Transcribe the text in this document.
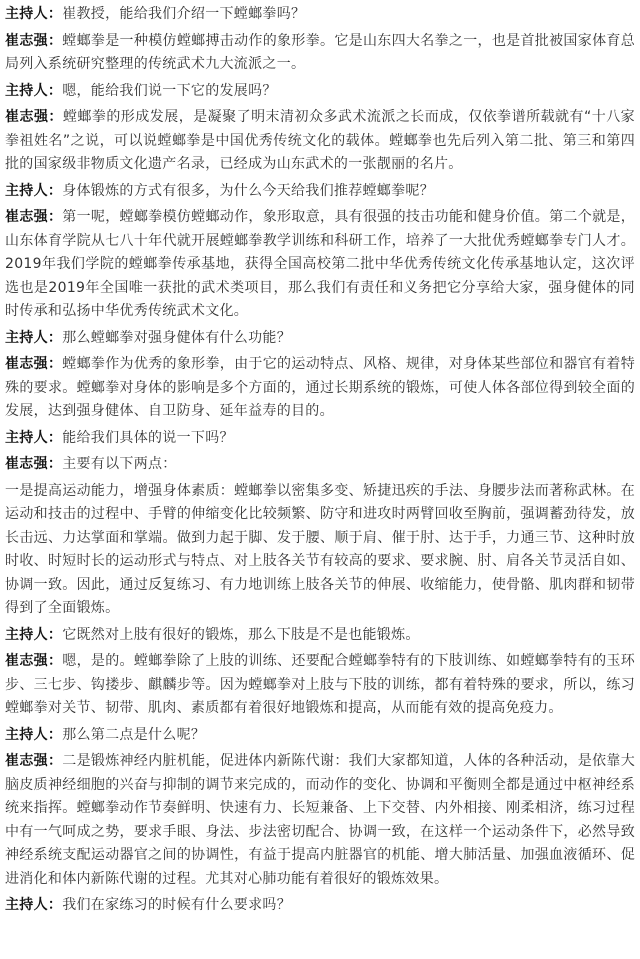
主持人：崔教授，能给我们介绍一下螳螂拳吗？

崔志强：螳螂拳是一种模仿螳螂搏击动作的象形拳。它是山东四大名拳之一，也是首批被国家体育总局列入系统研究整理的传统武术九大流派之一。

主持人：嗯，能给我们说一下它的发展吗？

崔志强：螳螂拳的形成发展，是凝聚了明末清初众多武术流派之长而成，仅依拳谱所载就有“十八家拳祖姓名”之说，可以说螳螂拳是中国优秀传统文化的载体。螳螂拳也先后列入第二批、第三和第四批的国家级非物质文化遗产名录，已经成为山东武术的一张靓丽的名片。

主持人：身体锻炼的方式有很多，为什么今天给我们推荐螳螂拳呢？

崔志强：第一呢，螳螂拳模仿螳螂动作，象形取意，具有很强的技击功能和健身价值。第二个就是，山东体育学院从七八十年代就开展螳螂拳教学训练和科研工作，培养了一大批优秀螳螂拳专门人才。2019年我们学院的螳螂拳传承基地，获得全国高校第二批中华优秀传统文化传承基地认定，这次评选也是2019年全国唯一获批的武术类项目，那么我们有责任和义务把它分享给大家，强身健体的同时传承和弘扬中华优秀传统武术文化。

主持人：那么螳螂拳对强身健体有什么功能？

崔志强：螳螂拳作为优秀的象形拳，由于它的运动特点、风格、规律，对身体某些部位和器官有着特殊的要求。螳螂拳对身体的影响是多个方面的，通过长期系统的锻炼，可使人体各部位得到较全面的发展，达到强身健体、自卫防身、延年益寿的目的。

主持人：能给我们具体的说一下吗？

崔志强：主要有以下两点：

一是提高运动能力，增强身体素质：螳螂拳以密集多变、矫捷迅疾的手法、身腰步法而著称武林。在运动和技击的过程中、手臂的伸缩变化比较频繁、防守和进攻时两臂回收至胸前，强调蓄劲待发，放长击远、力达掌面和掌端。做到力起于脚、发于腰、顺于肩、催于肘、达于手，力通三节、这种时放时收、时短时长的运动形式与特点、对上肢各关节有较高的要求、要求腕、肘、肩各关节灵活自如、协调一致。因此，通过反复练习、有力地训练上肢各关节的伸展、收缩能力，使骨骼、肌肉群和韧带得到了全面锻炼。

主持人：它既然对上肢有很好的锻炼，那么下肢是不是也能锻炼。

崔志强：嗯，是的。螳螂拳除了上肢的训练、还要配合螳螂拳特有的下肢训练、如螳螂拳特有的玉环步、三七步、钩搂步、麒麟步等。因为螳螂拳对上肢与下肢的训练，都有着特殊的要求，所以，练习螳螂拳对关节、韧带、肌肉、素质都有着很好地锻炼和提高，从而能有效的提高免疫力。

主持人：那么第二点是什么呢？

崔志强：二是锻炼神经内脏机能，促进体内新陈代谢：我们大家都知道，人体的各种活动，是依靠大脑皮质神经细胞的兴奋与抑制的调节来完成的，而动作的变化、协调和平衡则全都是通过中枢神经系统来指挥。螳螂拳动作节奏鲜明、快速有力、长短兼备、上下交替、内外相接、刚柔相济，练习过程中有一气呵成之势，要求手眼、身法、步法密切配合、协调一致，在这样一个运动条件下，必然导致神经系统支配运动器官之间的协调性，有益于提高内脏器官的机能、增大肺活量、加强血液循环、促进消化和体内新陈代谢的过程。尤其对心肺功能有着很好的锻炼效果。

主持人：我们在家练习的时候有什么要求吗？
